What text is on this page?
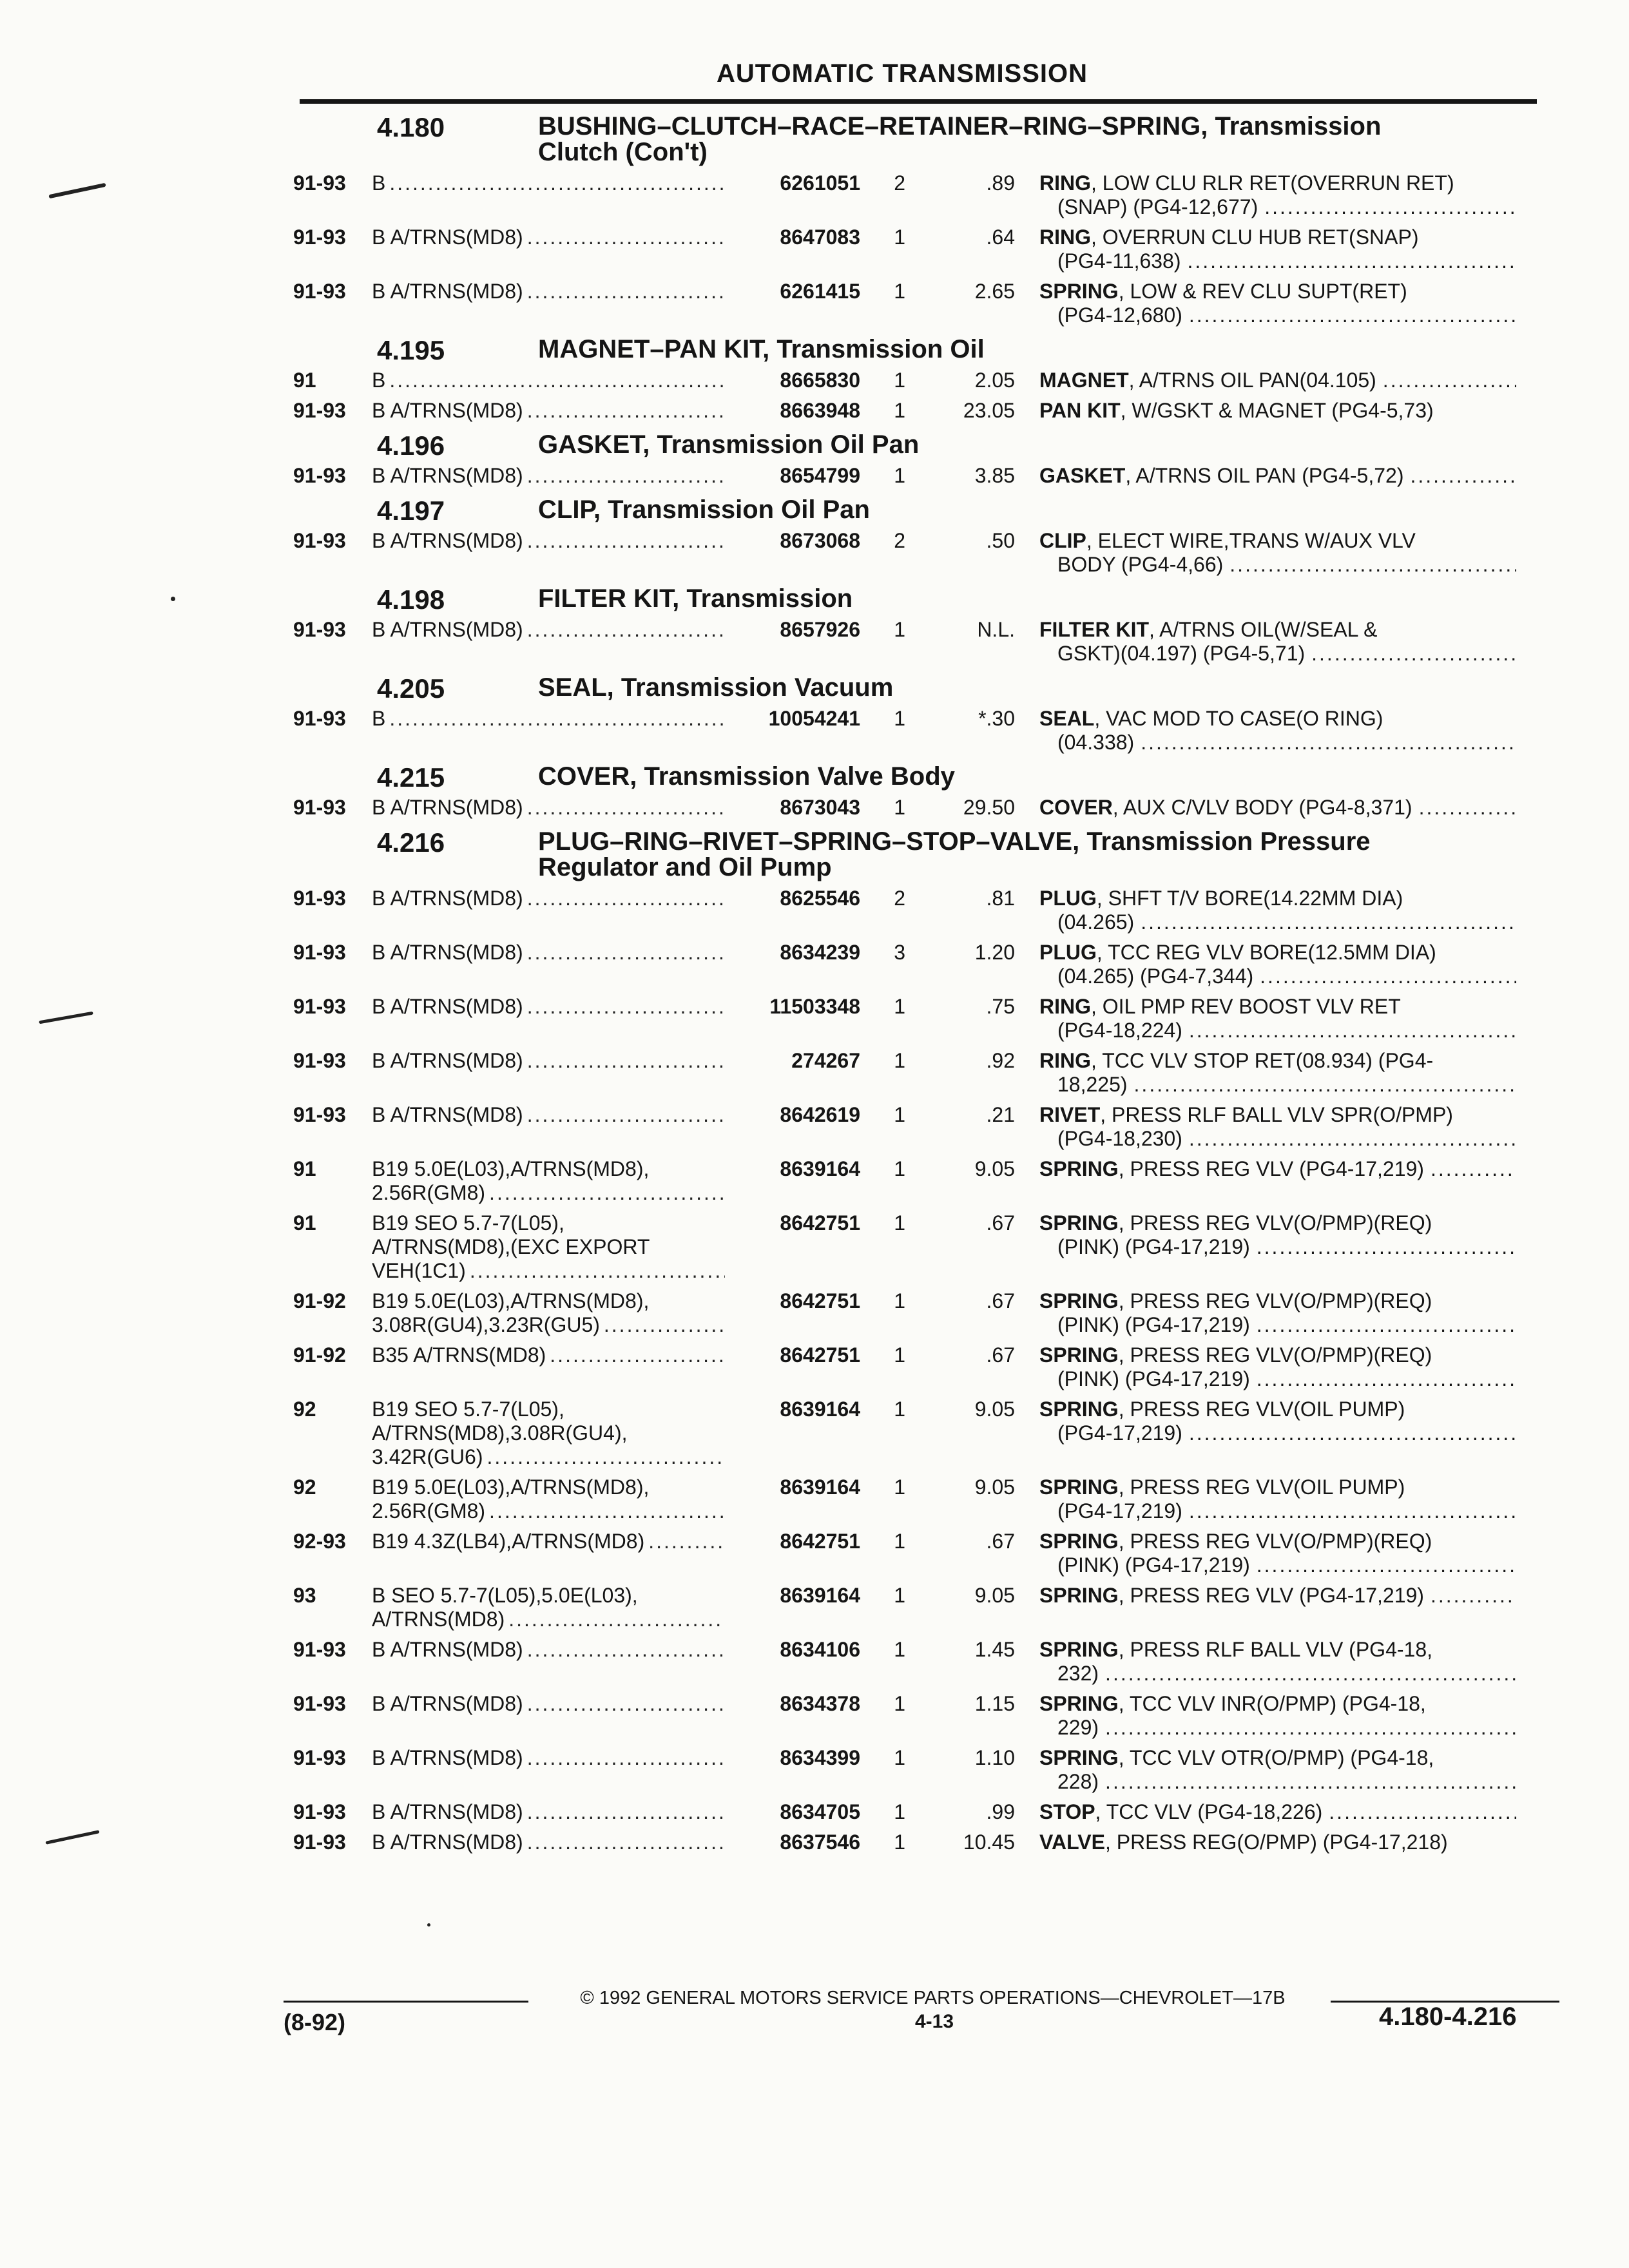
AUTOMATIC TRANSMISSION
4.180	BUSHING–CLUTCH–RACE–RETAINER–RING–SPRING, Transmission
Clutch (Con't)
91-93	B .....	6261051	2	.89 RING , LOW CLU RLR RET(OVERRUN RET)
(SNAP) (PG4-12,677)
.....
91-93	B A/TRNS(MD8) .....	8647083	1	.64 RING , OVERRUN CLU HUB RET(SNAP)
(PG4-11,638)
.....
91-93	B A/TRNS(MD8) .....	6261415	1	2.65 SPRING , LOW & REV CLU SUPT(RET)
(PG4-12,680)
.....
4.195	MAGNET–PAN KIT, Transmission Oil
91	B .....	8665830	1	2.05 MAGNET , A/TRNS OIL PAN(04.105)
.....
91-93	B A/TRNS(MD8) .....	8663948	1	23.05 PAN KIT , W/GSKT & MAGNET (PG4-5,73)
4.196	GASKET, Transmission Oil Pan
91-93	B A/TRNS(MD8) .....	8654799	1	3.85 GASKET , A/TRNS OIL PAN (PG4-5,72)
.....
4.197	CLIP, Transmission Oil Pan
91-93	B A/TRNS(MD8) .....	8673068	2	.50 CLIP , ELECT WIRE,TRANS W/AUX VLV
BODY (PG4-4,66)
.....
4.198	FILTER KIT, Transmission
91-93	B A/TRNS(MD8) .....	8657926	1	N.L. FILTER KIT , A/TRNS OIL(W/SEAL &
GSKT)(04.197) (PG4-5,71)
.....
4.205	SEAL, Transmission Vacuum
91-93	B .....	10054241	1	*.30 SEAL , VAC MOD TO CASE(O RING)
(04.338)
.....
4.215	COVER, Transmission Valve Body
91-93	B A/TRNS(MD8) .....	8673043	1	29.50 COVER , AUX C/VLV BODY (PG4-8,371)
.....
4.216	PLUG–RING–RIVET–SPRING–STOP–VALVE, Transmission Pressure
Regulator and Oil Pump
91-93	B A/TRNS(MD8) .....	8625546	2	.81 PLUG , SHFT T/V BORE(14.22MM DIA)
(04.265)
.....
91-93	B A/TRNS(MD8) .....	8634239	3	1.20 PLUG , TCC REG VLV BORE(12.5MM DIA)
(04.265) (PG4-7,344)
.....
91-93	B A/TRNS(MD8) .....	11503348	1	.75 RING , OIL PMP REV BOOST VLV RET
(PG4-18,224)
.....
91-93	B A/TRNS(MD8) .....	274267	1	.92 RING , TCC VLV STOP RET(08.934) (PG4-
18,225)
.....
91-93	B A/TRNS(MD8) .....	8642619	1	.21 RIVET , PRESS RLF BALL VLV SPR(O/PMP)
(PG4-18,230)
.....
91	B19 5.0E(L03),A/TRNS(MD8),
2.56R(GM8)
.....
8639164	1	9.05 SPRING , PRESS REG VLV (PG4-17,219)
.....
91	B19 SEO 5.7-7(L05),
A/TRNS(MD8),(EXC EXPORT
VEH(1C1)
.....
8642751	1	.67 SPRING , PRESS REG VLV(O/PMP)(REQ)
(PINK) (PG4-17,219)
.....
91-92	B19 5.0E(L03),A/TRNS(MD8),
3.08R(GU4),3.23R(GU5)
.....
8642751	1	.67 SPRING , PRESS REG VLV(O/PMP)(REQ)
(PINK) (PG4-17,219)
.....
91-92	B35 A/TRNS(MD8) .....	8642751	1	.67 SPRING , PRESS REG VLV(O/PMP)(REQ)
(PINK) (PG4-17,219)
.....
92	B19 SEO 5.7-7(L05),
A/TRNS(MD8),3.08R(GU4),
3.42R(GU6)
.....
8639164	1	9.05 SPRING , PRESS REG VLV(OIL PUMP)
(PG4-17,219)
.....
92	B19 5.0E(L03),A/TRNS(MD8),
2.56R(GM8)
.....
8639164	1	9.05 SPRING , PRESS REG VLV(OIL PUMP)
(PG4-17,219)
.....
92-93	B19 4.3Z(LB4),A/TRNS(MD8) .....	8642751	1	.67 SPRING , PRESS REG VLV(O/PMP)(REQ)
(PINK) (PG4-17,219)
.....
93	B SEO 5.7-7(L05),5.0E(L03),
A/TRNS(MD8)
.....
8639164	1	9.05 SPRING , PRESS REG VLV (PG4-17,219)
.....
91-93	B A/TRNS(MD8) .....	8634106	1	1.45 SPRING , PRESS RLF BALL VLV (PG4-18,
232)
.....
91-93	B A/TRNS(MD8) .....	8634378	1	1.15 SPRING , TCC VLV INR(O/PMP) (PG4-18,
229)
.....
91-93	B A/TRNS(MD8) .....	8634399	1	1.10 SPRING , TCC VLV OTR(O/PMP) (PG4-18,
228)
.....
91-93	B A/TRNS(MD8) .....	8634705	1	.99 STOP , TCC VLV (PG4-18,226)
.....
91-93	B A/TRNS(MD8) .....	8637546	1	10.45 VALVE , PRESS REG(O/PMP) (PG4-17,218)
© 1992 GENERAL MOTORS SERVICE PARTS OPERATIONS—CHEVROLET—17B
(8-92)	4-13	4.180-4.216
